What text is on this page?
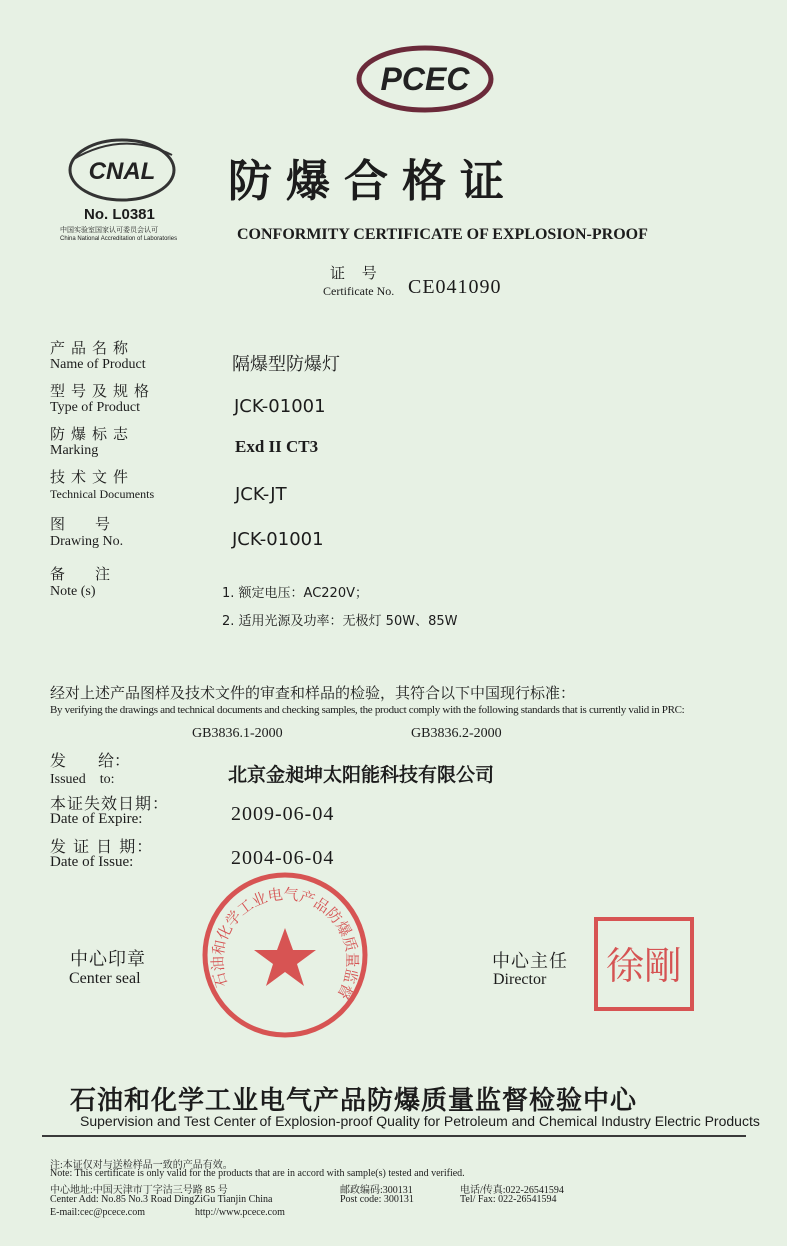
PCEC
CNAL
No. L0381
中国实验室国家认可委员会认可
China National Accreditation of Laboratories
防爆合格证
CONFORMITY CERTIFICATE OF EXPLOSION-PROOF
证 号
Certificate No. CE041090
产品名称
Name of Product	隔爆型防爆灯
型号及规格
Type of Product	JCK-01001
防爆标志
Marking	Exd II CT3
技术文件
Technical Documents	JCK-JT
图　　号
Drawing No.	JCK-01001
备　　注
Note (s)	1. 额定电压：AC220V；
2. 适用光源及功率：无极灯 50W、85W
经对上述产品图样及技术文件的审查和样品的检验，其符合以下中国现行标准：
By verifying the drawings and technical documents and checking samples, the product comply with the following standards that is currently valid in PRC:
GB3836.1-2000	GB3836.2-2000
发　　给：
Issued　to:	北京金昶坤太阳能科技有限公司
本证失效日期：
Date of Expire:	2009-06-04
发 证 日 期：
Date of Issue:	2004-06-04
中心印章
Center seal	石油和化学工业电气产品防爆质量监督
中心主任
Director 徐剛
石油和化学工业电气产品防爆质量监督检验中心
Supervision and Test Center of Explosion-proof Quality for Petroleum and Chemical Industry Electric Products
注:本证仅对与送检样品一致的产品有效。
Note: This certificate is only valid for the products that are in accord with sample(s) tested and verified.
中心地址:中国天津市丁字沽三号路 85 号	邮政编码:300131	电话/传真:022-26541594
Center Add: No.85 No.3 Road DingZiGu Tianjin China	Post code: 300131	Tel/ Fax: 022-26541594
E-mail:cec@pcece.com	http://www.pcece.com
